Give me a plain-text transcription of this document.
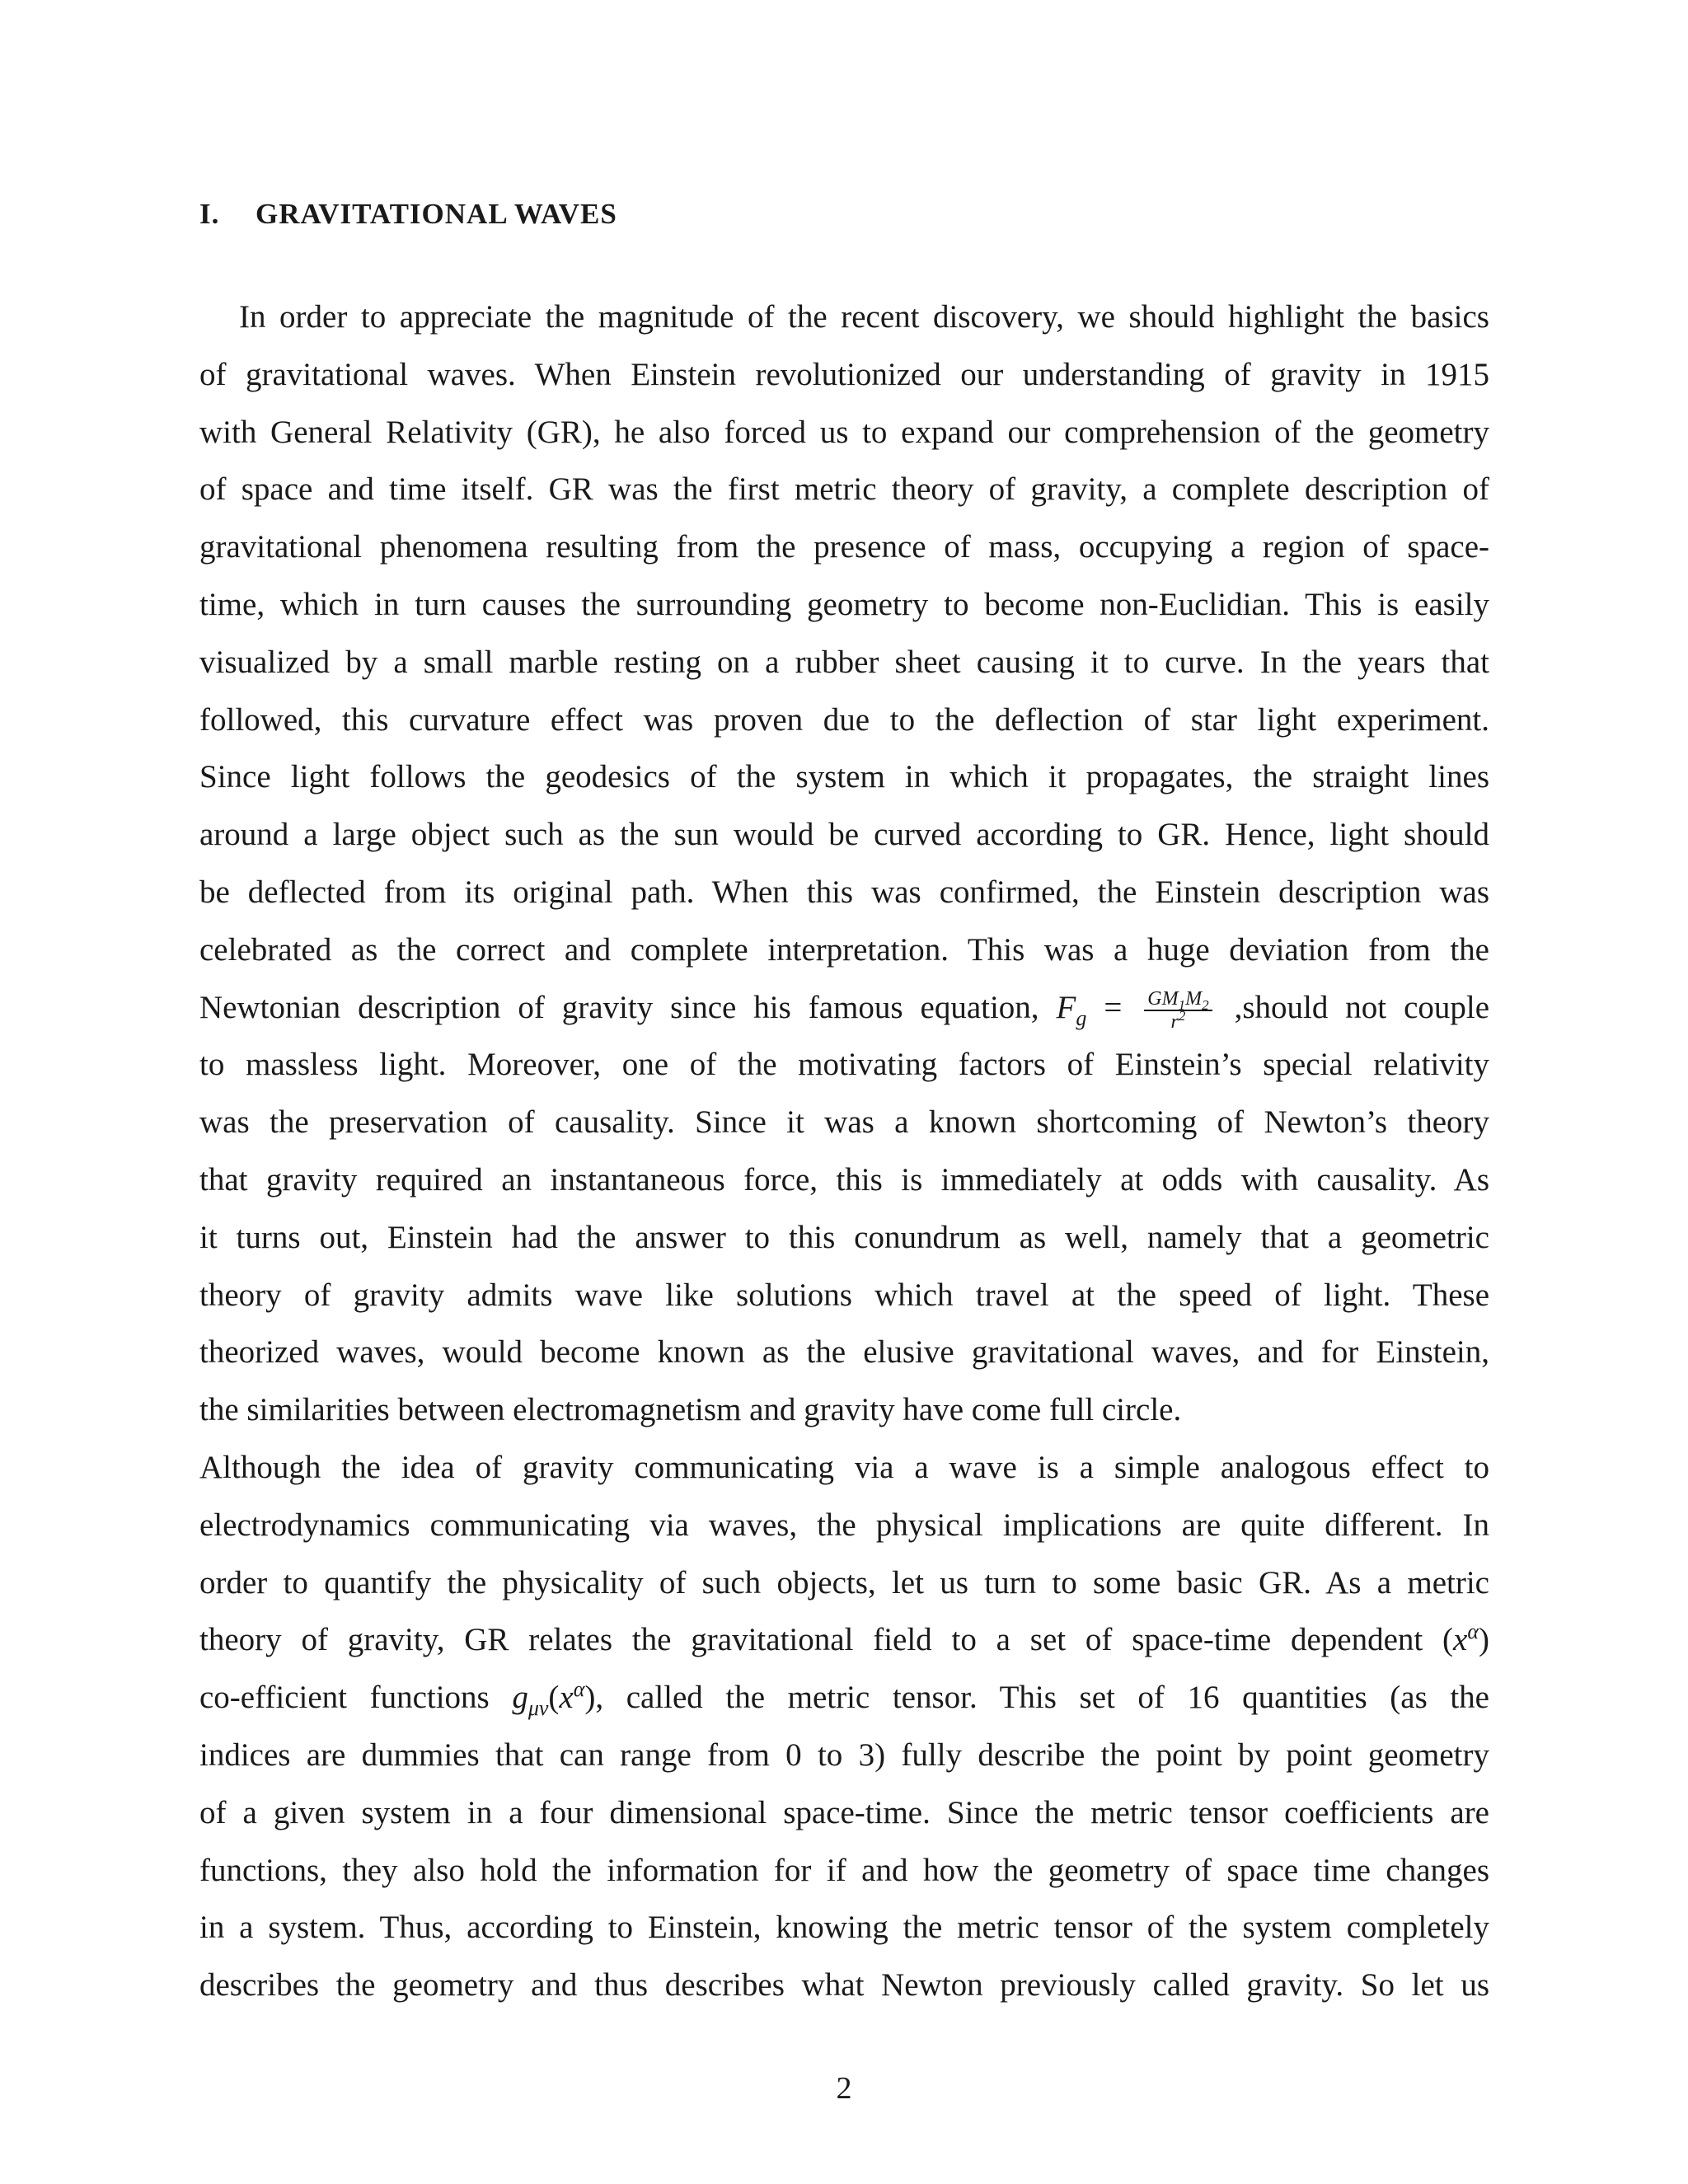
I. GRAVITATIONAL WAVES
In order to appreciate the magnitude of the recent discovery, we should highlight the basics
of gravitational waves. When Einstein revolutionized our understanding of gravity in 1915
with General Relativity (GR), he also forced us to expand our comprehension of the geometry
of space and time itself. GR was the first metric theory of gravity, a complete description of
gravitational phenomena resulting from the presence of mass, occupying a region of space-
time, which in turn causes the surrounding geometry to become non-Euclidian. This is easily
visualized by a small marble resting on a rubber sheet causing it to curve. In the years that
followed, this curvature effect was proven due to the deflection of star light experiment.
Since light follows the geodesics of the system in which it propagates, the straight lines
around a large object such as the sun would be curved according to GR. Hence, light should
be deflected from its original path. When this was confirmed, the Einstein description was
celebrated as the correct and complete interpretation. This was a huge deviation from the
Newtonian description of gravity since his famous equation, $F_g = \frac{GM_1M_2}{r^2}$ ,should not couple
to massless light. Moreover, one of the motivating factors of Einstein’s special relativity
was the preservation of causality. Since it was a known shortcoming of Newton’s theory
that gravity required an instantaneous force, this is immediately at odds with causality. As
it turns out, Einstein had the answer to this conundrum as well, namely that a geometric
theory of gravity admits wave like solutions which travel at the speed of light. These
theorized waves, would become known as the elusive gravitational waves, and for Einstein,
the similarities between electromagnetism and gravity have come full circle.
Although the idea of gravity communicating via a wave is a simple analogous effect to
electrodynamics communicating via waves, the physical implications are quite different. In
order to quantify the physicality of such objects, let us turn to some basic GR. As a metric
theory of gravity, GR relates the gravitational field to a set of space-time dependent $(x^\alpha)$
co-efficient functions $g_{\mu\nu}(x^\alpha)$, called the metric tensor. This set of 16 quantities (as the
indices are dummies that can range from 0 to 3) fully describe the point by point geometry
of a given system in a four dimensional space-time. Since the metric tensor coefficients are
functions, they also hold the information for if and how the geometry of space time changes
in a system. Thus, according to Einstein, knowing the metric tensor of the system completely
describes the geometry and thus describes what Newton previously called gravity. So let us
2
